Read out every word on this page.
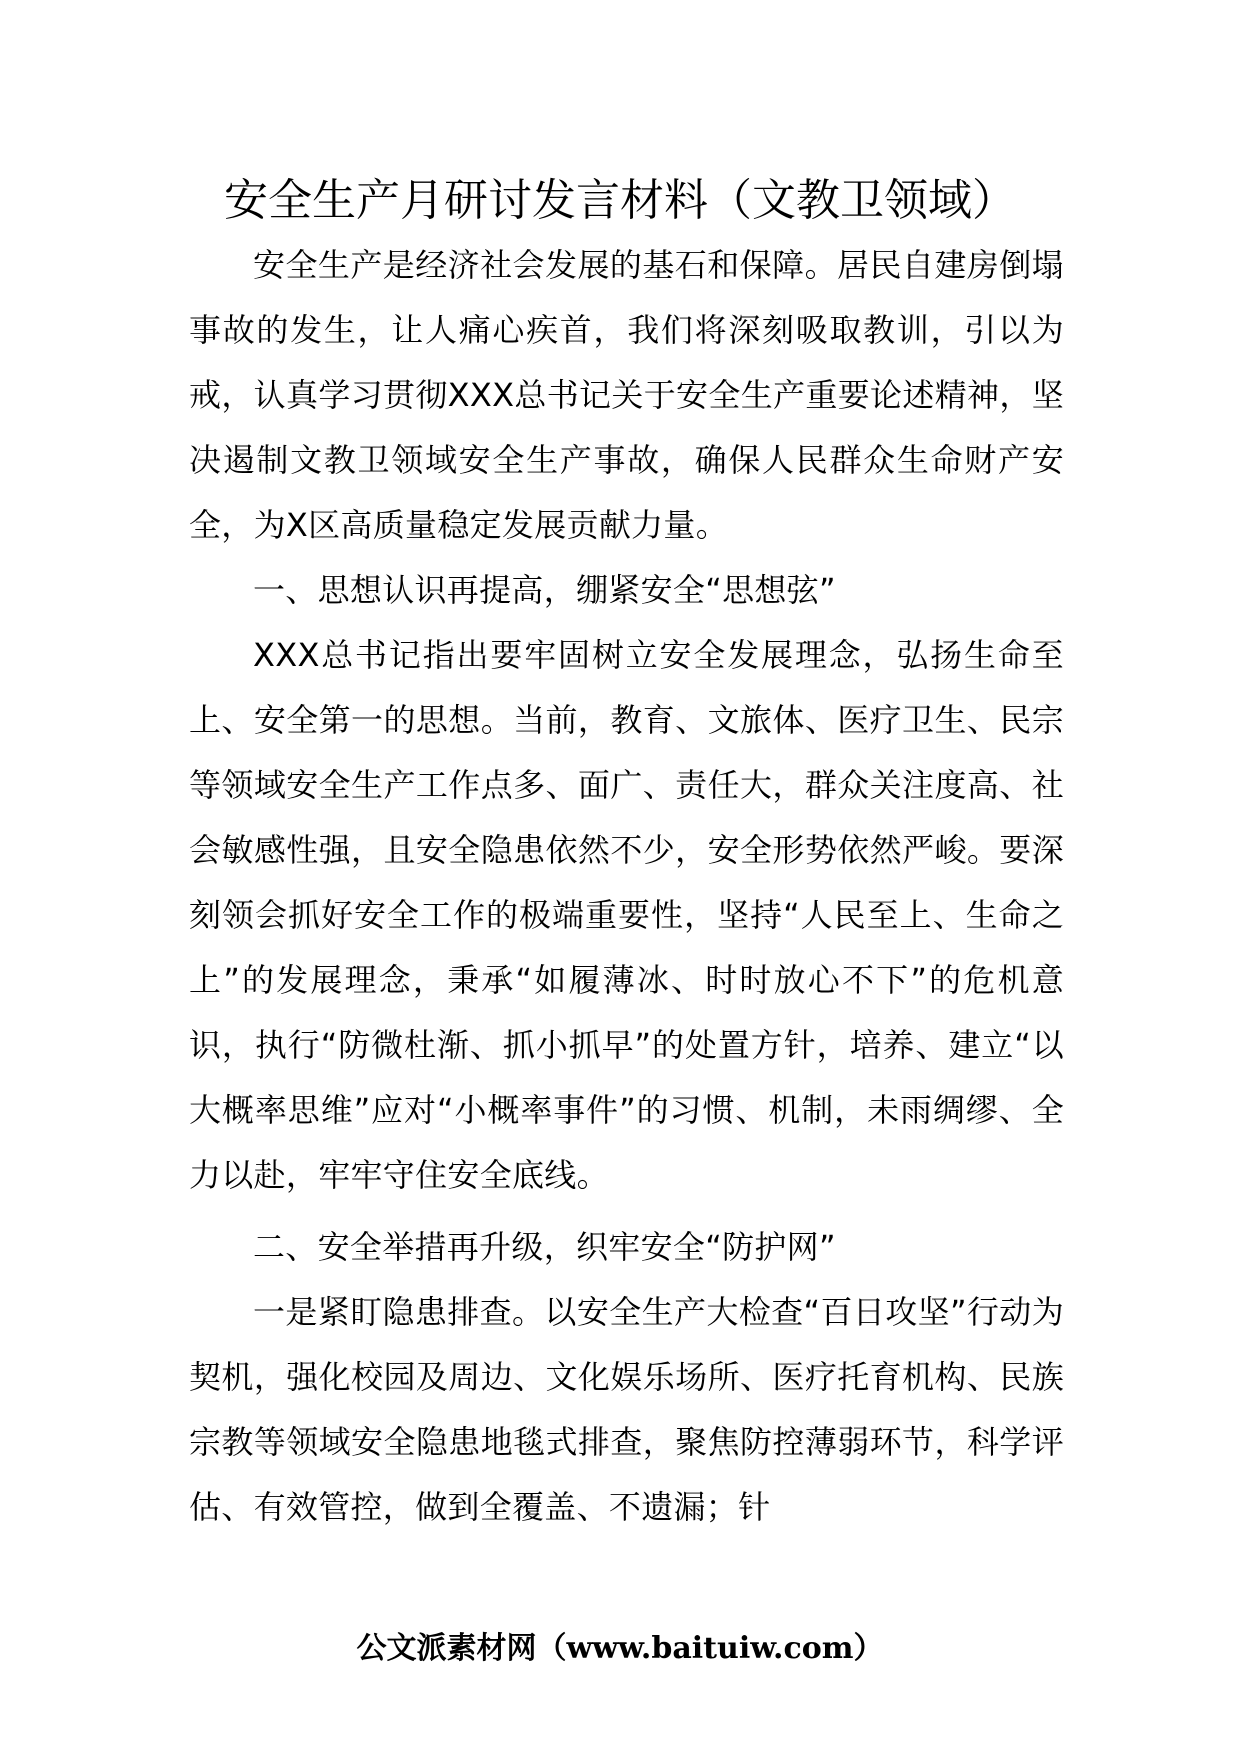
安全生产月研讨发言材料（文教卫领域）

安全生产是经济社会发展的基石和保障。居民自建房倒塌事故的发生，让人痛心疾首，我们将深刻吸取教训，引以为戒，认真学习贯彻XXX总书记关于安全生产重要论述精神，坚决遏制文教卫领域安全生产事故，确保人民群众生命财产安全，为X区高质量稳定发展贡献力量。

一、思想认识再提高，绷紧安全“思想弦”

XXX总书记指出要牢固树立安全发展理念，弘扬生命至上、安全第一的思想。当前，教育、文旅体、医疗卫生、民宗等领域安全生产工作点多、面广、责任大，群众关注度高、社会敏感性强，且安全隐患依然不少，安全形势依然严峻。要深刻领会抓好安全工作的极端重要性，坚持“人民至上、生命之上”的发展理念，秉承“如履薄冰、时时放心不下”的危机意识，执行“防微杜渐、抓小抓早”的处置方针，培养、建立“以大概率思维”应对“小概率事件”的习惯、机制，未雨绸缪、全力以赴，牢牢守住安全底线。

二、安全举措再升级，织牢安全“防护网”

一是紧盯隐患排查。以安全生产大检查“百日攻坚”行动为契机，强化校园及周边、文化娱乐场所、医疗托育机构、民族宗教等领域安全隐患地毯式排查，聚焦防控薄弱环节，科学评估、有效管控，做到全覆盖、不遗漏；针

公文派素材网（www.baituiw.com）
